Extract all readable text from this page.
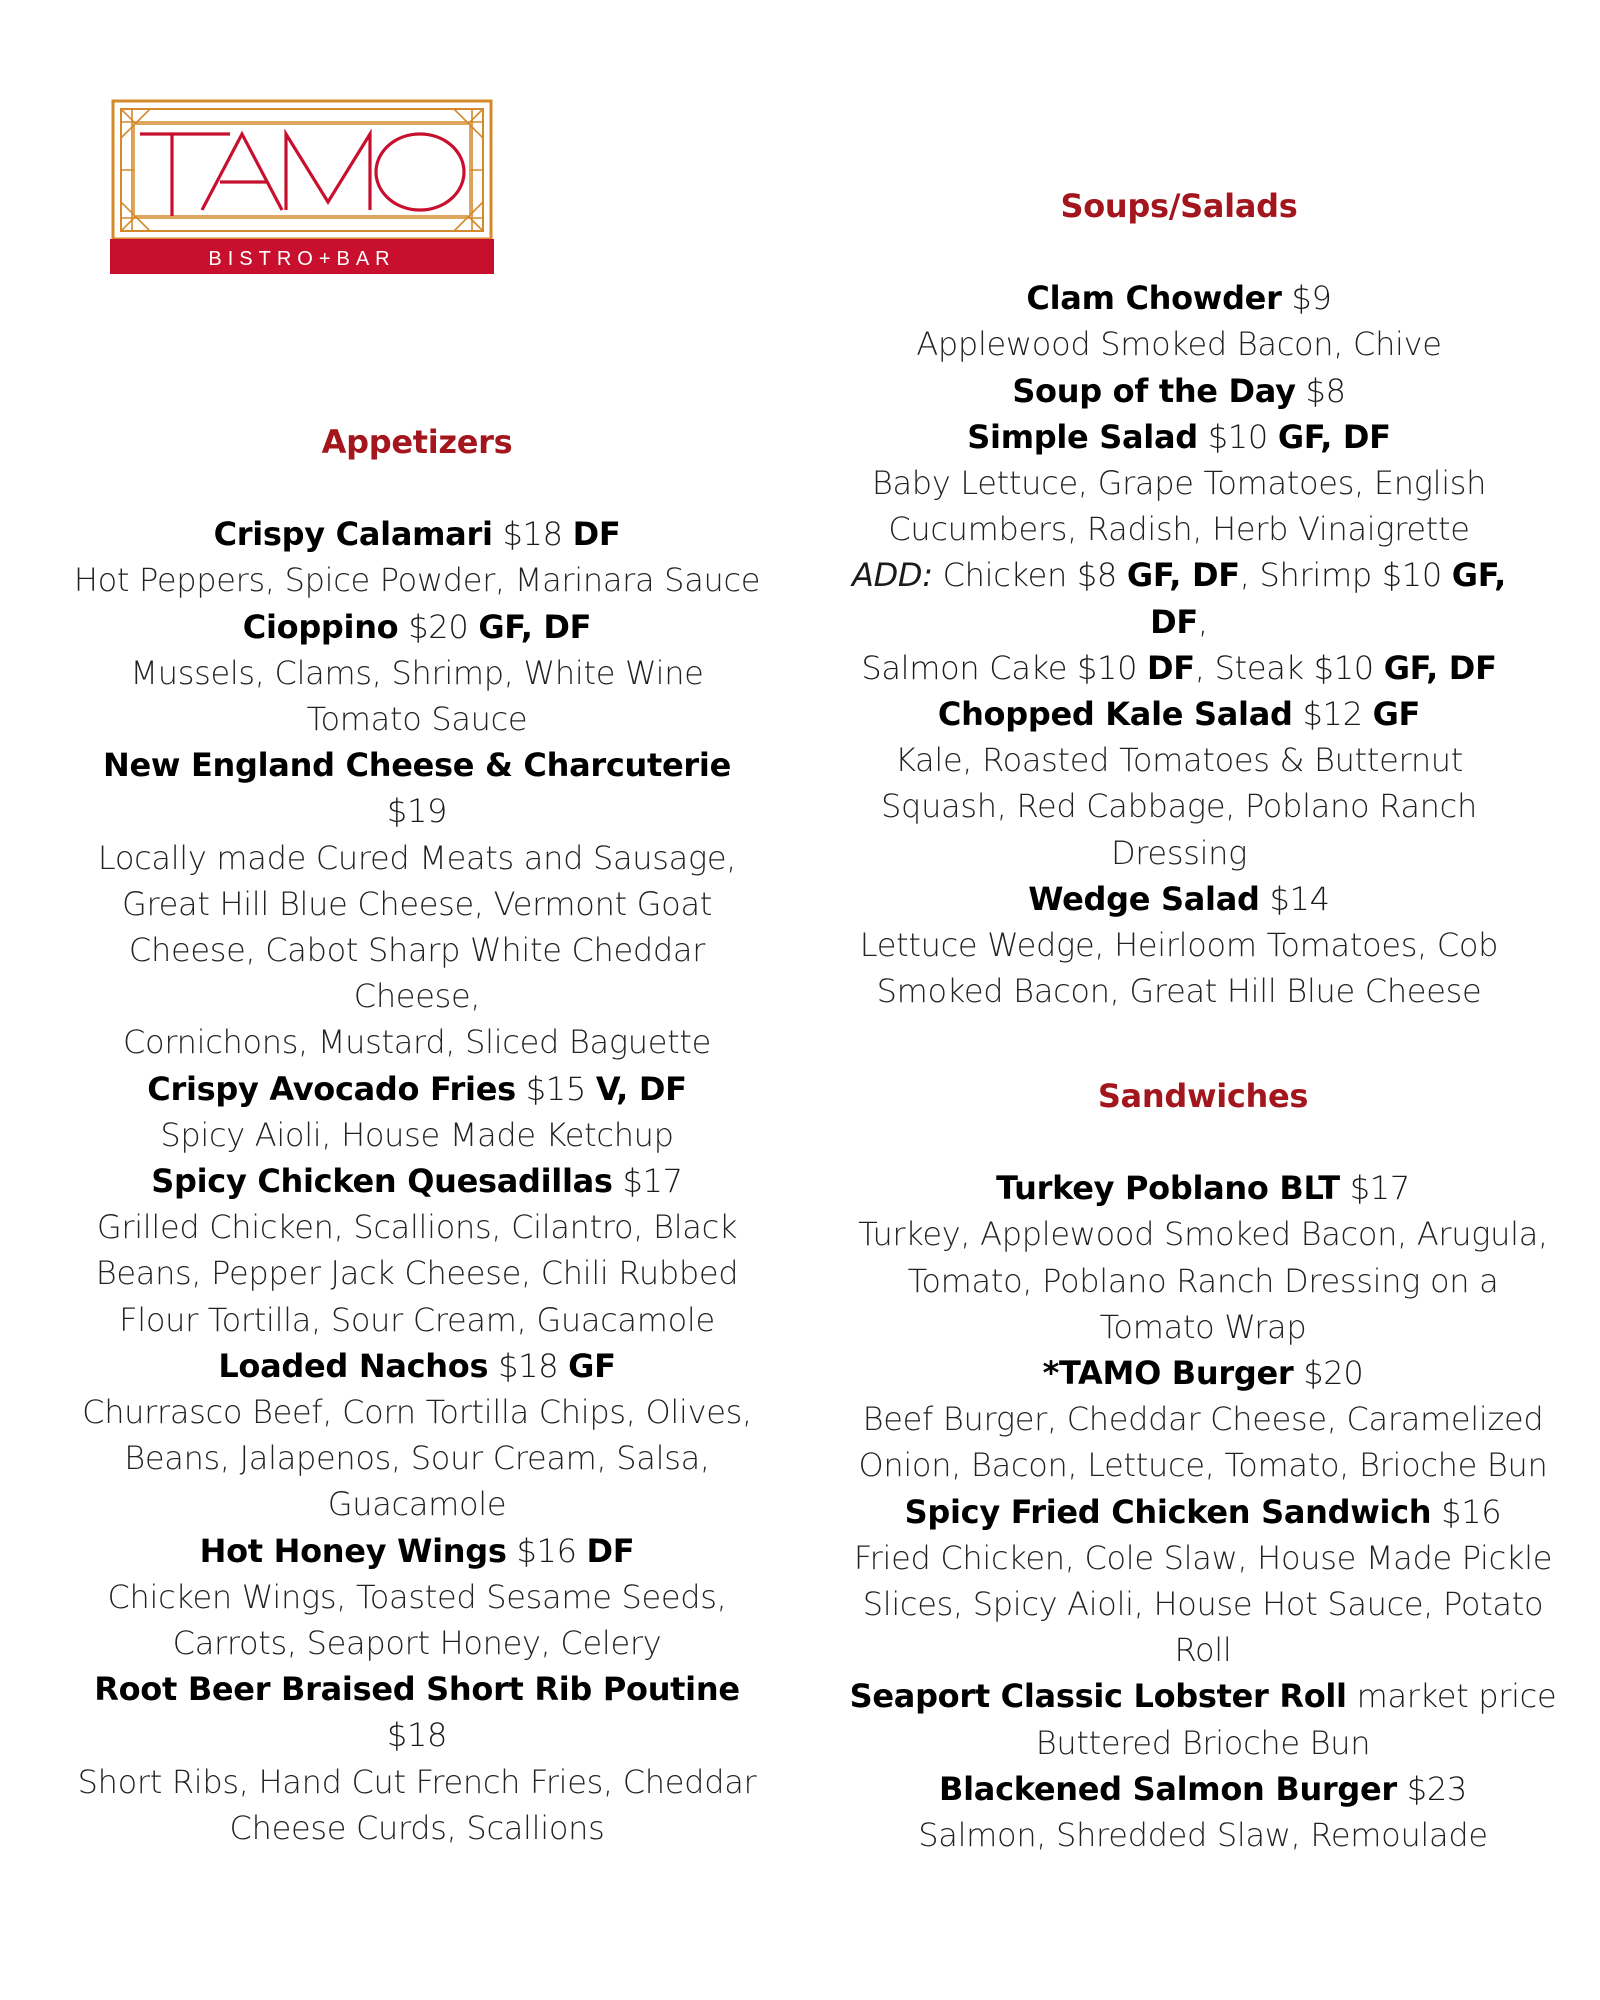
BISTRO+BAR
Appetizers
Crispy Calamari $18 DF
Hot Peppers, Spice Powder, Marinara Sauce
Cioppino $20 GF, DF
Mussels, Clams, Shrimp, White Wine
Tomato Sauce
New England Cheese & Charcuterie $19
Locally made Cured Meats and Sausage,
Great Hill Blue Cheese, Vermont Goat
Cheese, Cabot Sharp White Cheddar Cheese,
Cornichons, Mustard, Sliced Baguette
Crispy Avocado Fries $15 V, DF
Spicy Aioli, House Made Ketchup
Spicy Chicken Quesadillas $17
Grilled Chicken, Scallions, Cilantro, Black
Beans, Pepper Jack Cheese, Chili Rubbed
Flour Tortilla, Sour Cream, Guacamole
Loaded Nachos $18 GF
Churrasco Beef, Corn Tortilla Chips, Olives,
Beans, Jalapenos, Sour Cream, Salsa,
Guacamole
Hot Honey Wings $16 DF
Chicken Wings, Toasted Sesame Seeds,
Carrots, Seaport Honey, Celery
Root Beer Braised Short Rib Poutine $18
Short Ribs, Hand Cut French Fries, Cheddar
Cheese Curds, Scallions
Soups/Salads
Clam Chowder $9
Applewood Smoked Bacon, Chive
Soup of the Day $8
Simple Salad $10 GF, DF
Baby Lettuce, Grape Tomatoes, English
Cucumbers, Radish, Herb Vinaigrette
ADD: Chicken $8 GF, DF, Shrimp $10 GF, DF,
Salmon Cake $10 DF, Steak $10 GF, DF
Chopped Kale Salad $12 GF
Kale, Roasted Tomatoes & Butternut
Squash, Red Cabbage, Poblano Ranch
Dressing
Wedge Salad $14
Lettuce Wedge, Heirloom Tomatoes, Cob
Smoked Bacon, Great Hill Blue Cheese
Sandwiches
Turkey Poblano BLT $17
Turkey, Applewood Smoked Bacon, Arugula,
Tomato, Poblano Ranch Dressing on a
Tomato Wrap
*TAMO Burger $20
Beef Burger, Cheddar Cheese, Caramelized
Onion, Bacon, Lettuce, Tomato, Brioche Bun
Spicy Fried Chicken Sandwich $16
Fried Chicken, Cole Slaw, House Made Pickle
Slices, Spicy Aioli, House Hot Sauce, Potato
Roll
Seaport Classic Lobster Roll market price
Buttered Brioche Bun
Blackened Salmon Burger $23
Salmon, Shredded Slaw, Remoulade
